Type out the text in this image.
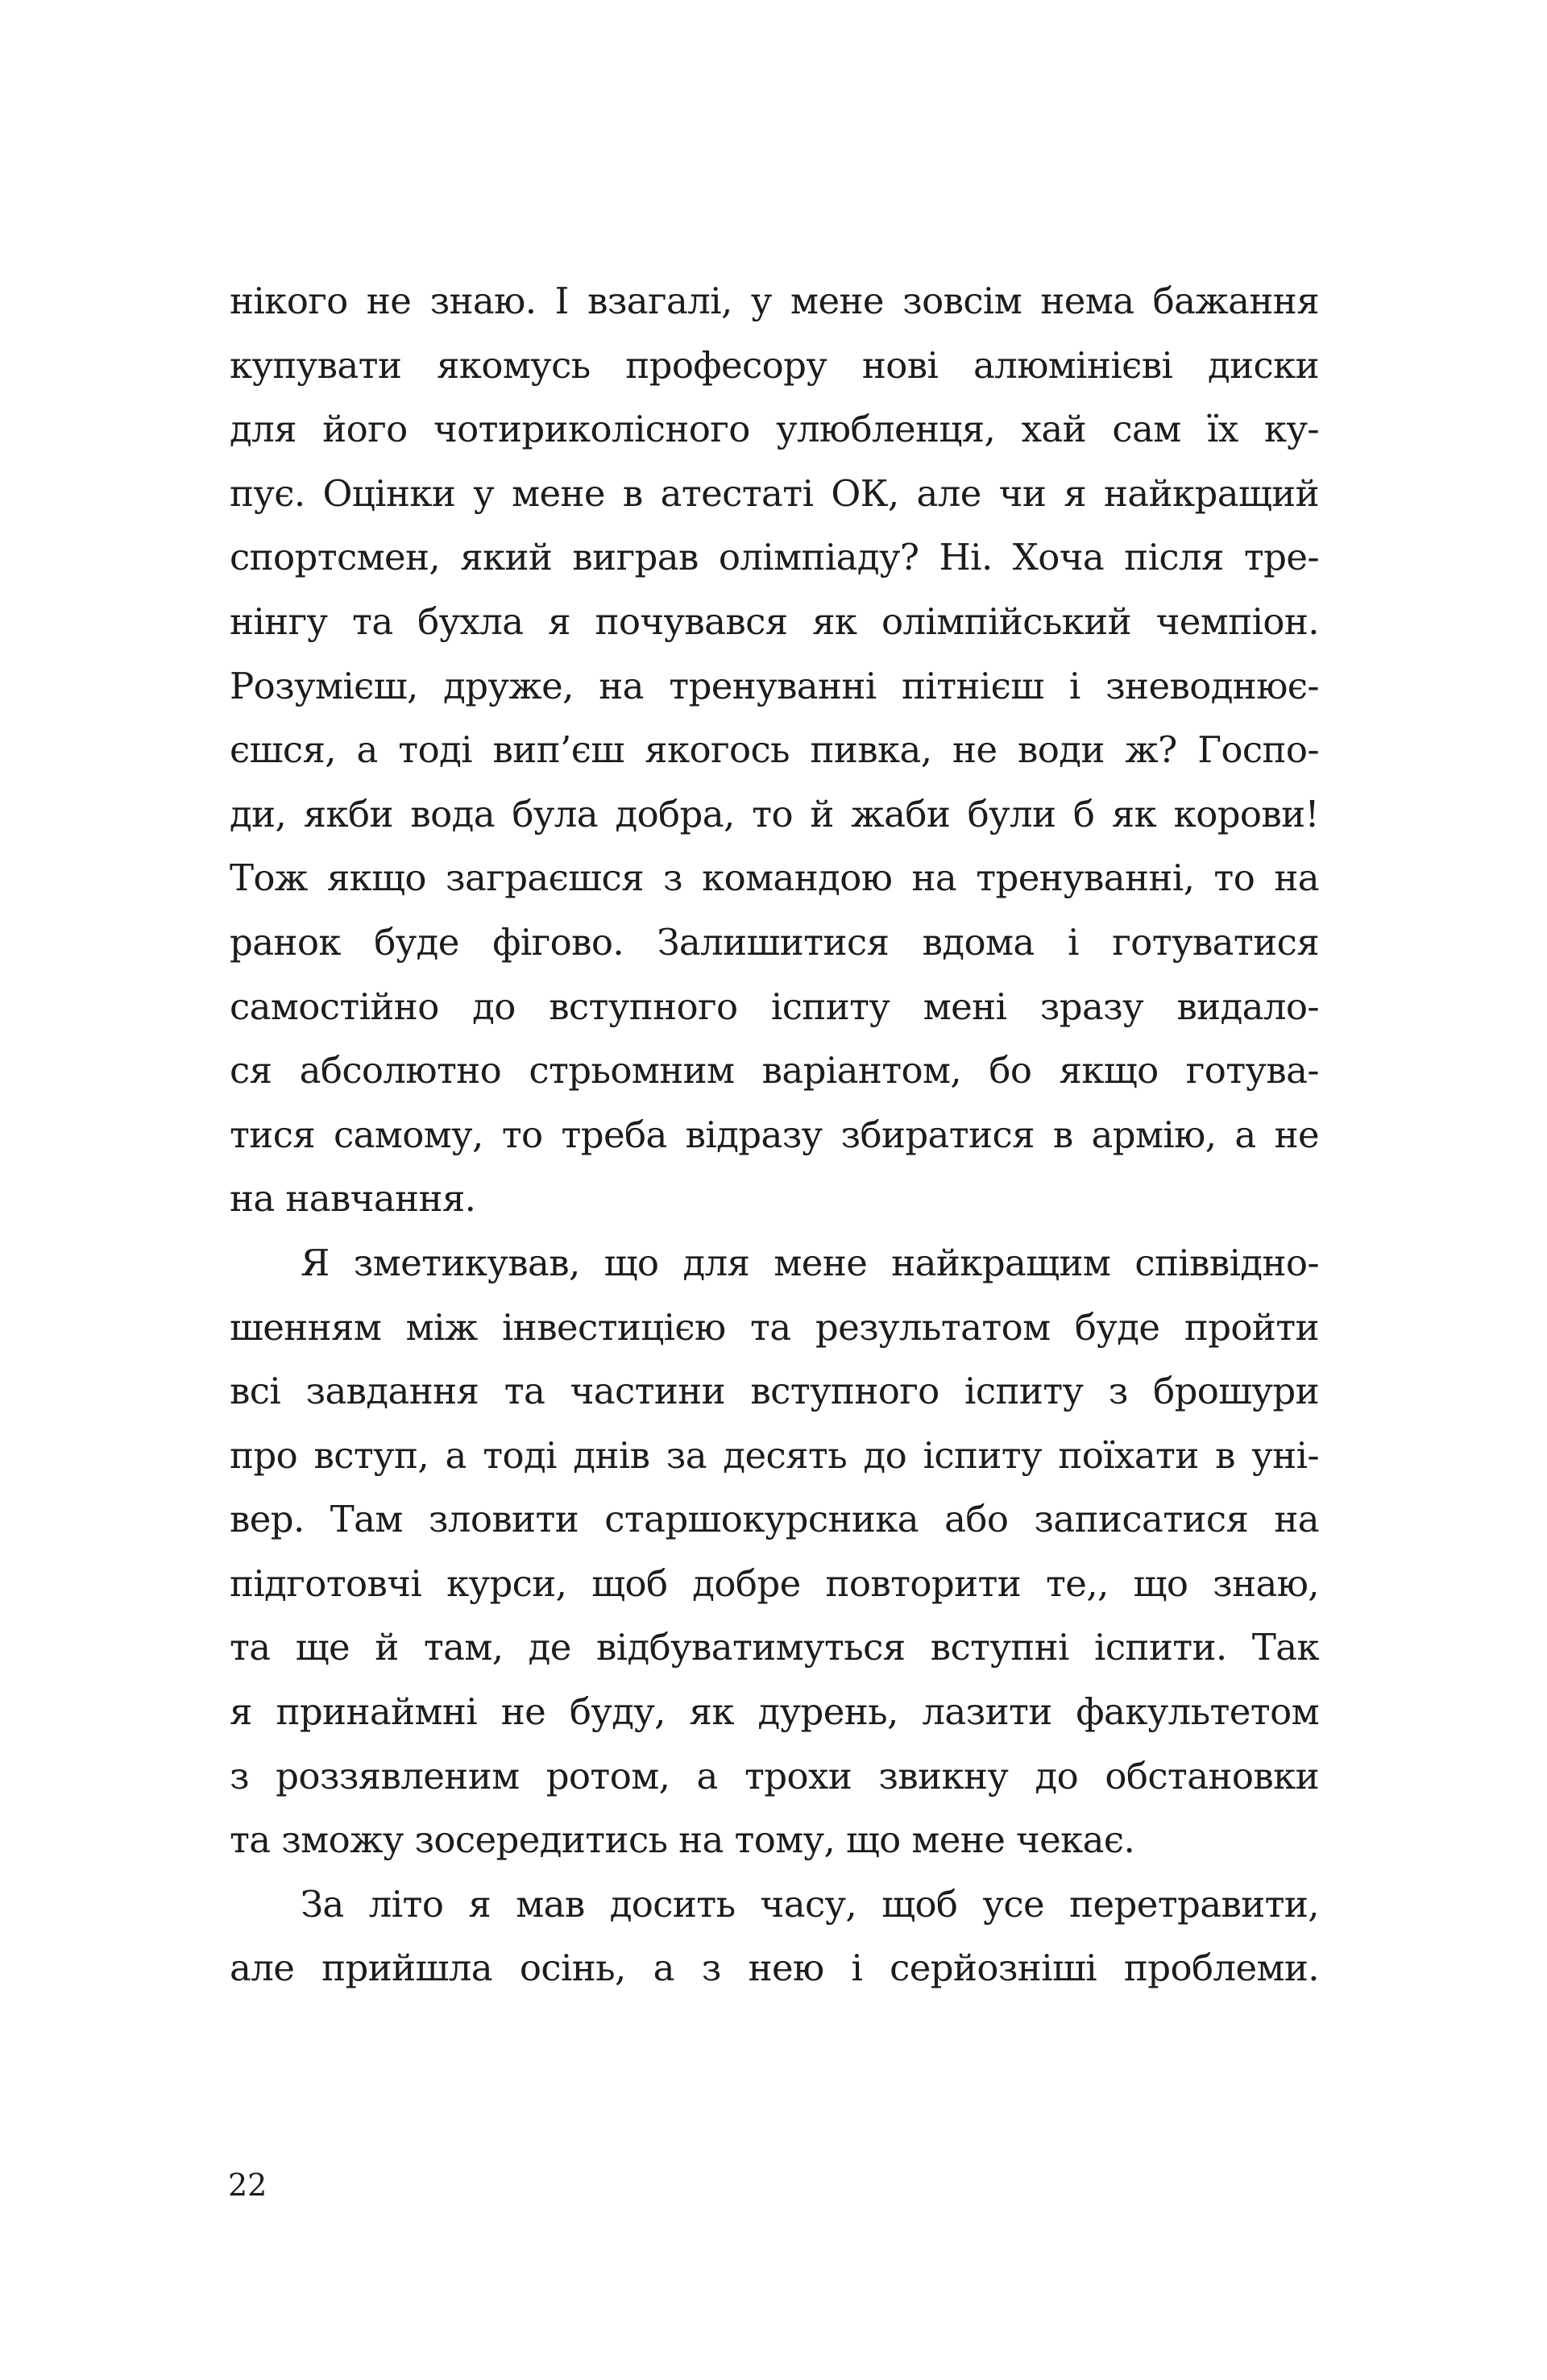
нікого не знаю. І взагалі, у мене зовсім нема бажання
купувати якомусь професору нові алюмінієві диски
для його чотириколісного улюбленця, хай сам їх ку-
пує. Оцінки у мене в атестаті ОК, але чи я найкращий
спортсмен, який виграв олімпіаду? Ні. Хоча після тре-
нінгу та бухла я почувався як олімпійський чемпіон.
Розумієш, друже, на тренуванні пітнієш і зневоднює-
єшся, а тоді вип’єш якогось пивка, не води ж? Госпо-
ди, якби вода була добра, то й жаби були б як корови!
Тож якщо заграєшся з командою на тренуванні, то на
ранок буде фігово. Залишитися вдома і готуватися
самостійно до вступного іспиту мені зразу видало-
ся абсолютно стрьомним варіантом, бо якщо готува-
тися самому, то треба відразу збиратися в армію, а не
на навчання.
Я зметикував, що для мене найкращим співвідно-
шенням між інвестицією та результатом буде пройти
всі завдання та частини вступного іспиту з брошури
про вступ, а тоді днів за десять до іспиту поїхати в уні-
вер. Там зловити старшокурсника або записатися на
підготовчі курси, щоб добре повторити те,, що знаю,
та ще й там, де відбуватимуться вступні іспити. Так
я принаймні не буду, як дурень, лазити факультетом
з роззявленим ротом, а трохи звикну до обстановки
та зможу зосередитись на тому, що мене чекає.
За літо я мав досить часу, щоб усе перетравити,
але прийшла осінь, а з нею і серйозніші проблеми.
22
